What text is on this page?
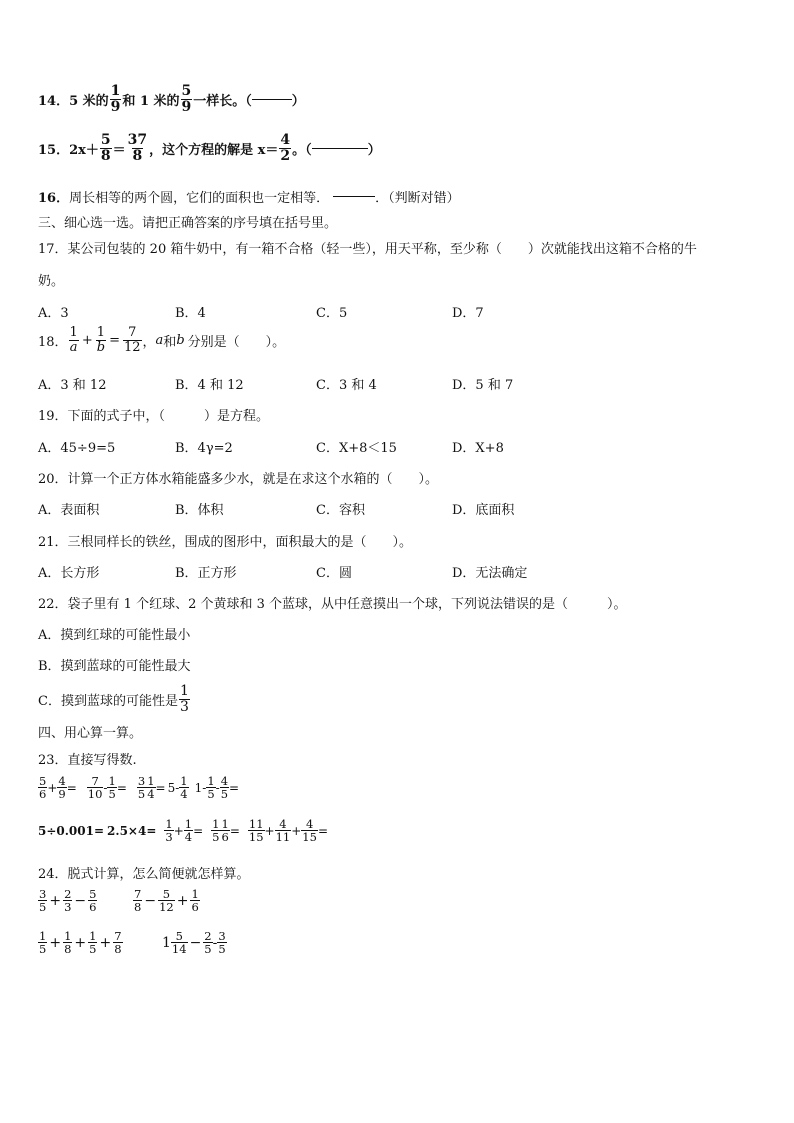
14． 5 米的 $\frac{1}{9}$ 和 1 米的 $\frac{5}{9}$ 一样长。（	）
15． $2x+ \frac{5}{8} = \frac{37}{8}$ ，这个方程的解是 $x= \frac{4}{2}$ 。（	）
16． 周长相等的两个圆，它们的面积也一定相等．	．（判断对错）
三、细心选一选。请把正确答案的序号填在括号里。
17．某公司包装的 20 箱牛奶中，有一箱不合格（轻一些），用天平称，至少称（　　）次就能找出这箱不合格的牛
奶。
A．3	B．4	C．5	D．7
18． $\frac{1}{a} + \frac{1}{b} = \frac{7}{12}$ ， a 和 b 分别是（　　）。
A．3 和 12	B．4 和 12	C．3 和 4	D．5 和 7
19．下面的式子中，（　　　）是方程。
A．45÷9=5	B．4γ=2	C．X+8＜15	D．X+8
20．计算一个正方体水箱能盛多少水，就是在求这个水箱的（　　）。
A．表面积	B．体积	C．容积	D．底面积
21．三根同样长的铁丝，围成的图形中，面积最大的是（　　）。
A．长方形	B．正方形	C．圆	D．无法确定
22．袋子里有 1 个红球、2 个黄球和 3 个蓝球，从中任意摸出一个球，下列说法错误的是（　　　）。
A．摸到红球的可能性最小
B．摸到蓝球的可能性最大
C．摸到蓝球的可能性是 $\frac{1}{3}$
四、用心算一算。
23．直接写得数.
$\frac{5}{6} + \frac{4}{9} = \frac{7}{10} - \frac{1}{5} = \frac{3}{5} \frac{1}{4} = 5- \frac{1}{4} 1- \frac{1}{5} - \frac{4}{5}$ =
$5\div 0.001= 2.5\times 4= \frac{1}{3} + \frac{1}{4} = \frac{1}{5} \frac{1}{6} = \frac{11}{15} + \frac{4}{11} + \frac{4}{15}$ =
24．脱式计算，怎么简便就怎样算。
$\frac{3}{5} + \frac{2}{3} - \frac{5}{6}$	$\frac{7}{8} - \frac{5}{12} + \frac{1}{6}$
$\frac{1}{5} + \frac{1}{8} + \frac{1}{5} + \frac{7}{8}$	$1 \frac{5}{14} - \frac{2}{5} - \frac{3}{5}$
